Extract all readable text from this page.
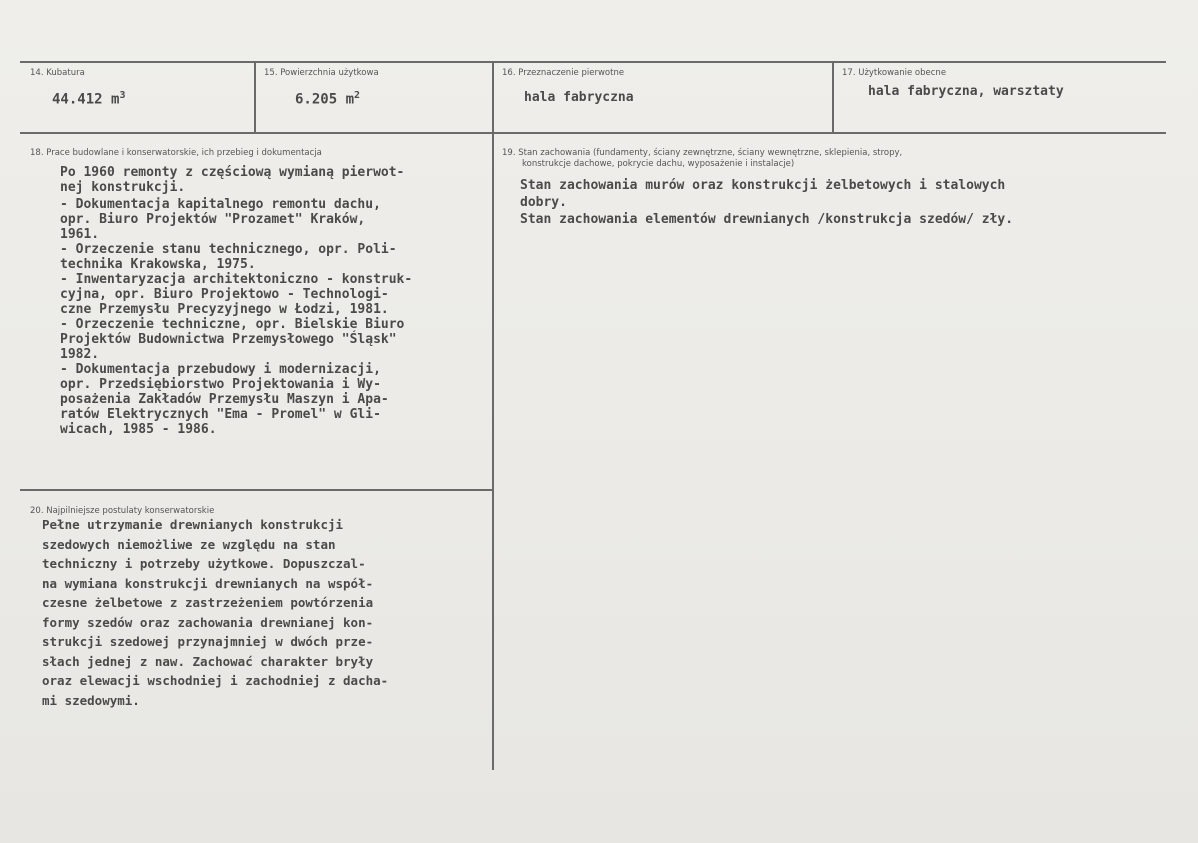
14. Kubatura
44.412 $m^3$
15. Powierzchnia użytkowa
6.205 $m^2$
16. Przeznaczenie pierwotne
hala fabryczna
17. Użytkowanie obecne
hala fabryczna, warsztaty
18. Prace budowlane i konserwatorskie, ich przebieg i dokumentacja

Po 1960 remonty z częściową wymianą pierwot-

nej konstrukcji.

- Dokumentacja kapitalnego remontu dachu,

opr. Biuro Projektów "Prozamet" Kraków,

1961.

- Orzeczenie stanu technicznego, opr. Poli-

technika Krakowska, 1975.

- Inwentaryzacja architektoniczno - konstruk-

cyjna, opr. Biuro Projektowo - Technologi-

czne Przemysłu Precyzyjnego w Łodzi, 1981.

- Orzeczenie techniczne, opr. Bielskie Biuro

Projektów Budownictwa Przemysłowego "Śląsk"

1982.

- Dokumentacja przebudowy i modernizacji,

opr. Przedsiębiorstwo Projektowania i Wy-

posażenia Zakładów Przemysłu Maszyn i Apa-

ratów Elektrycznych "Ema - Promel" w Gli-

wicach, 1985 - 1986.

19. Stan zachowania (fundamenty, ściany zewnętrzne, ściany wewnętrzne, sklepienia, stropy,
konstrukcje dachowe, pokrycie dachu, wyposażenie i instalacje)

Stan zachowania murów oraz konstrukcji żelbetowych i stalowych

dobry.

Stan zachowania elementów drewnianych /konstrukcja szedów/ zły.

20. Najpilniejsze postulaty konserwatorskie

Pełne utrzymanie drewnianych konstrukcji

szedowych niemożliwe ze względu na stan

techniczny i potrzeby użytkowe. Dopuszczal-

na wymiana konstrukcji drewnianych na współ-

czesne żelbetowe z zastrzeżeniem powtórzenia

formy szedów oraz zachowania drewnianej kon-

strukcji szedowej przynajmniej w dwóch prze-

słach jednej z naw. Zachować charakter bryły

oraz elewacji wschodniej i zachodniej z dacha-

mi szedowymi.
